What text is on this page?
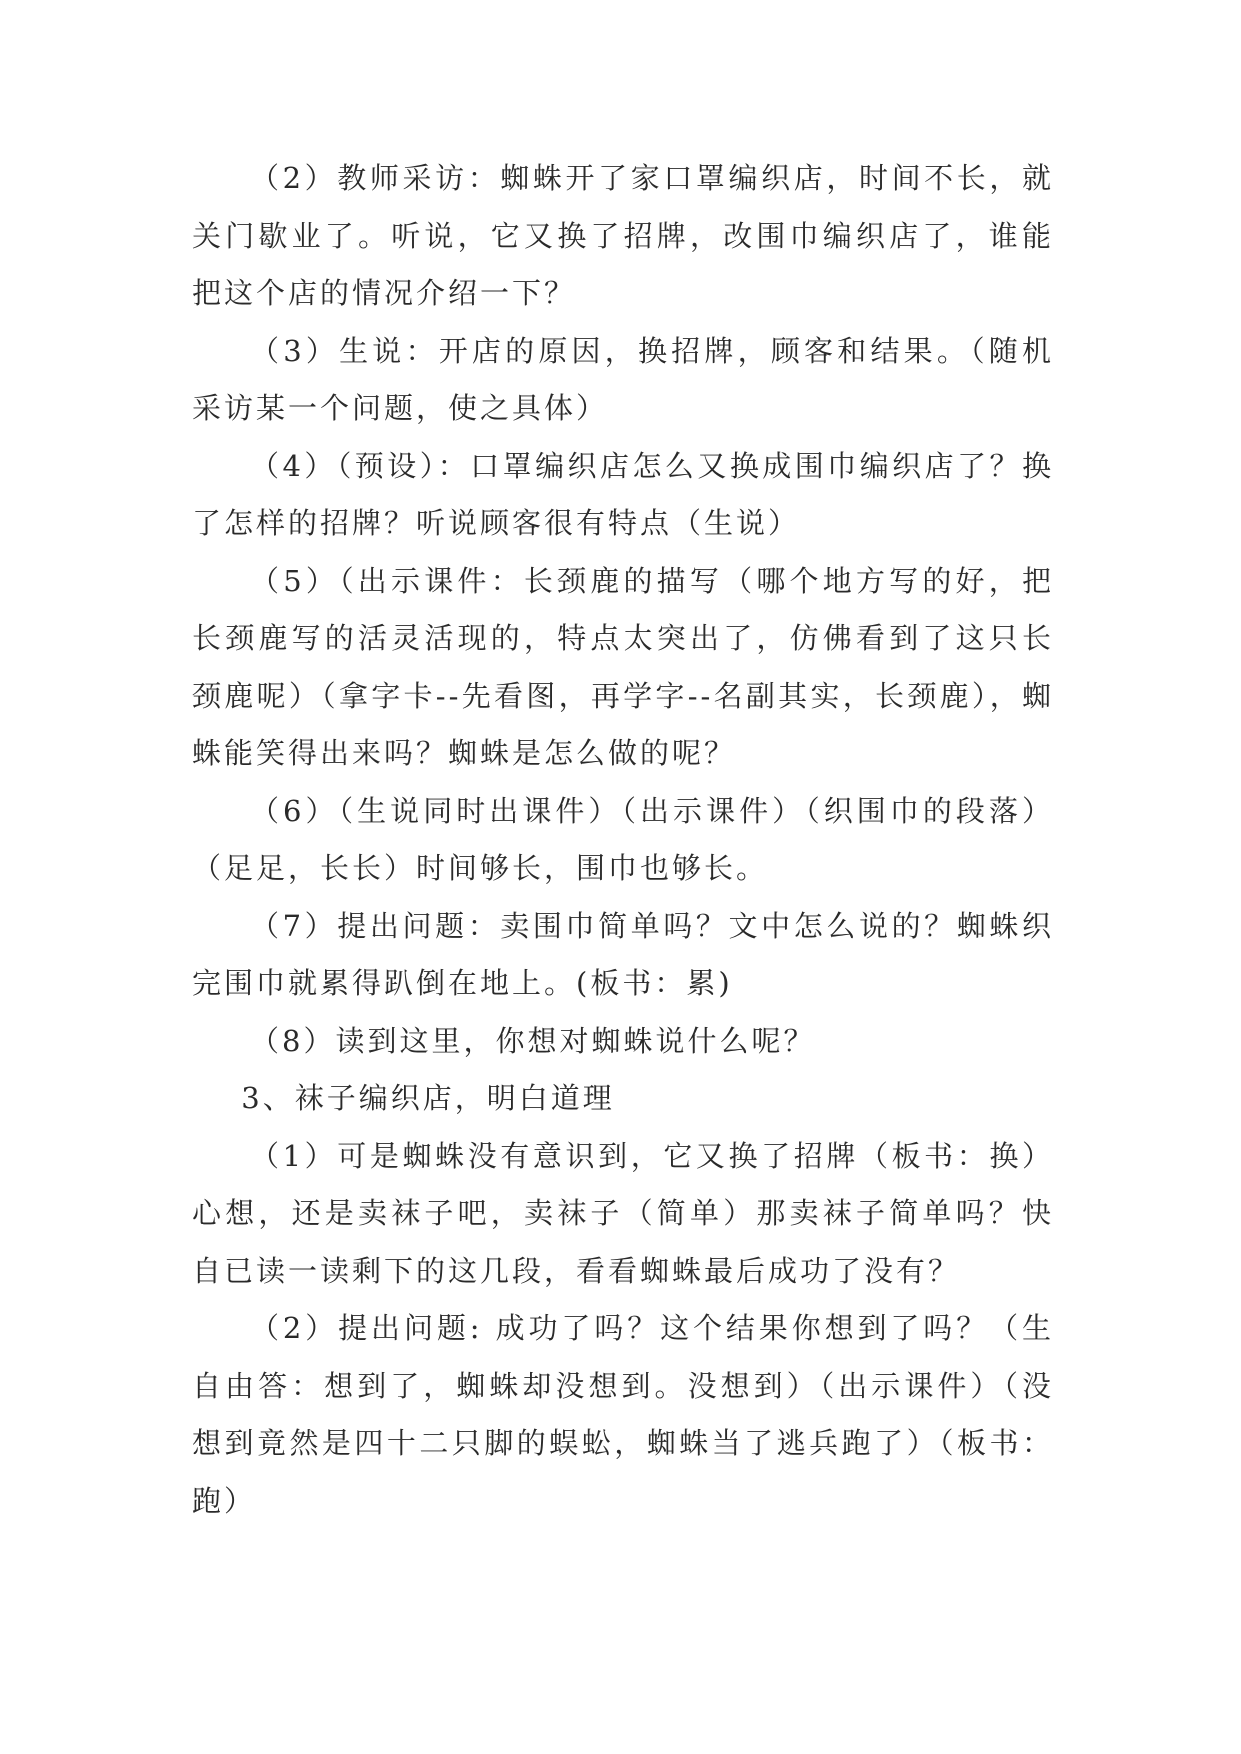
（2）教师采访：蜘蛛开了家口罩编织店，时间不长，就关门歇业了。听说，它又换了招牌，改围巾编织店了，谁能把这个店的情况介绍一下？

（3）生说：开店的原因，换招牌，顾客和结果。（随机采访某一个问题，使之具体）

（4）（预设）：口罩编织店怎么又换成围巾编织店了？换了怎样的招牌？听说顾客很有特点（生说）

（5）（出示课件：长颈鹿的描写（哪个地方写的好，把长颈鹿写的活灵活现的，特点太突出了，仿佛看到了这只长颈鹿呢）（拿字卡--先看图，再学字--名副其实，长颈鹿），蜘蛛能笑得出来吗？蜘蛛是怎么做的呢？

（6）（生说同时出课件）（出示课件）（织围巾的段落）（足足，长长）时间够长，围巾也够长。

（7）提出问题：卖围巾简单吗？文中怎么说的？蜘蛛织完围巾就累得趴倒在地上。(板书：累)

（8）读到这里，你想对蜘蛛说什么呢？

3、袜子编织店，明白道理

（1）可是蜘蛛没有意识到，它又换了招牌（板书：换）心想，还是卖袜子吧，卖袜子（简单）那卖袜子简单吗？快自已读一读剩下的这几段，看看蜘蛛最后成功了没有？

（2）提出问题: 成功了吗？这个结果你想到了吗？（生自由答：想到了，蜘蛛却没想到。没想到）（出示课件）（没想到竟然是四十二只脚的蜈蚣，蜘蛛当了逃兵跑了）（板书：跑）
